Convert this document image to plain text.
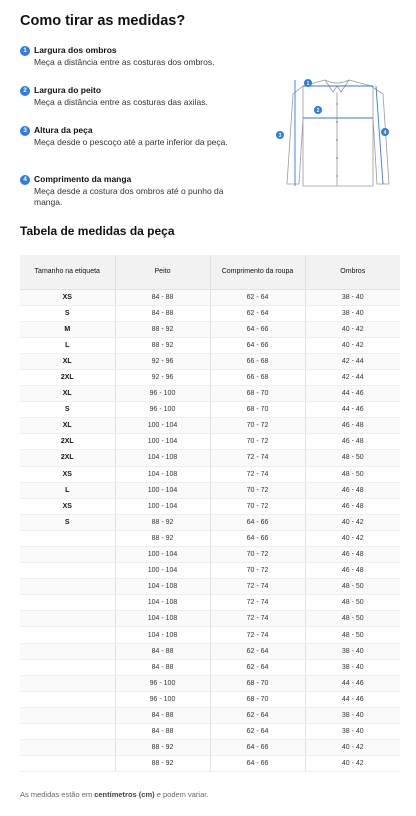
Como tirar as medidas?
1 Largura dos ombros
Meça a distância entre as costuras dos ombros.
2 Largura do peito
Meça a distância entre as costuras das axilas.
3 Altura da peça
Meça desde o pescoço até a parte inferior da peça.
4 Comprimento da manga
Meça desde a costura dos ombros até o punho da manga.
1
2
3	4
Tabela de medidas da peça
Tamanho na etiqueta	Peito	Comprimento da roupa	Ombros
XS	84 - 88	62 - 64	38 - 40
S	84 - 88	62 - 64	38 - 40
M	88 - 92	64 - 66	40 - 42
L	88 - 92	64 - 66	40 - 42
XL	92 - 96	66 - 68	42 - 44
2XL	92 - 96	66 - 68	42 - 44
XL	96 - 100	68 - 70	44 - 46
S	96 - 100	68 - 70	44 - 46
XL	100 - 104	70 - 72	46 - 48
2XL	100 - 104	70 - 72	46 - 48
2XL	104 - 108	72 - 74	48 - 50
XS	104 - 108	72 - 74	48 - 50
L	100 - 104	70 - 72	46 - 48
XS	100 - 104	70 - 72	46 - 48
S	88 - 92	64 - 66	40 - 42
	88 - 92	64 - 66	40 - 42
	100 - 104	70 - 72	46 - 48
	100 - 104	70 - 72	46 - 48
	104 - 108	72 - 74	48 - 50
	104 - 108	72 - 74	48 - 50
	104 - 108	72 - 74	48 - 50
	104 - 108	72 - 74	48 - 50
	84 - 88	62 - 64	38 - 40
	84 - 88	62 - 64	38 - 40
	96 - 100	68 - 70	44 - 46
	96 - 100	68 - 70	44 - 46
	84 - 88	62 - 64	38 - 40
	84 - 88	62 - 64	38 - 40
	88 - 92	64 - 66	40 - 42
	88 - 92	64 - 66	40 - 42
As medidas estão em centímetros (cm) e podem variar.
